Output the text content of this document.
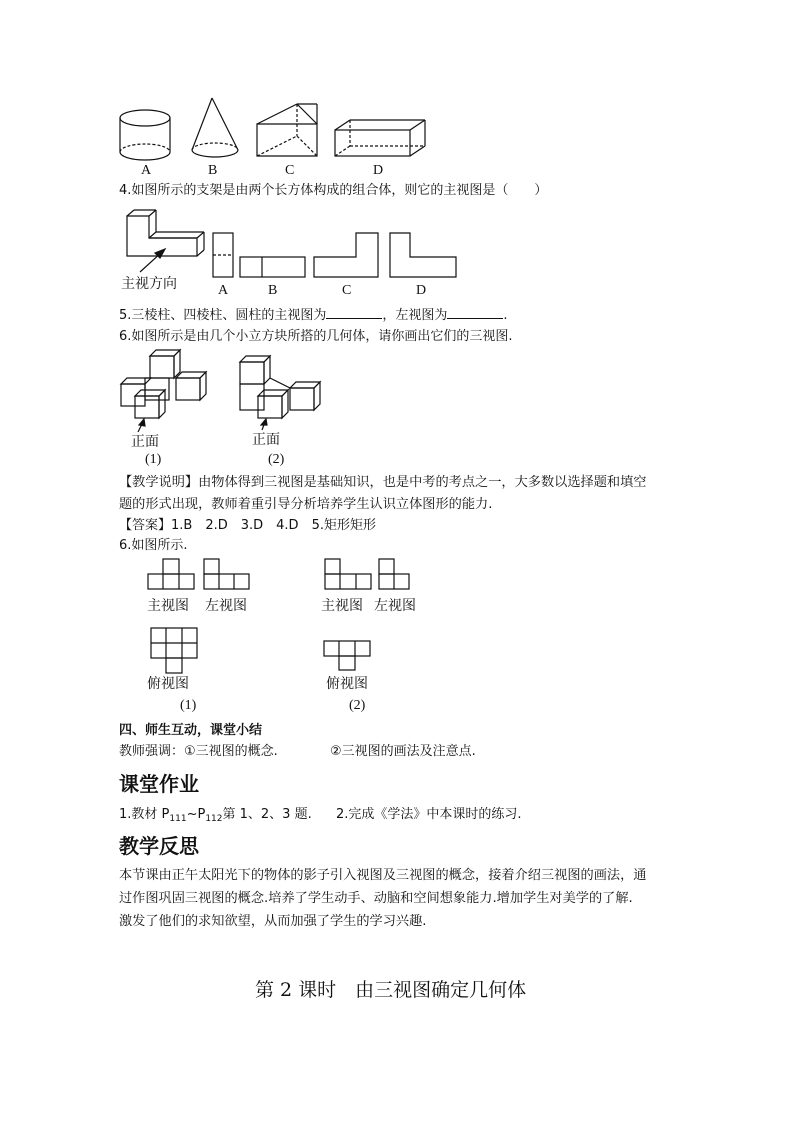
A	B	C	D
4.如图所示的支架是由两个长方体构成的组合体，则它的主视图是（　　）
主视方向	A	B	C	D
5.三棱柱、四棱柱、圆柱的主视图为	，左视图为	.
6.如图所示是由几个小立方块所搭的几何体，请你画出它们的三视图.
正面
(1)
正面
(2)
【教学说明】由物体得到三视图是基础知识，也是中考的考点之一，大多数以选择题和填空
题的形式出现，教师着重引导分析培养学生认识立体图形的能力.
【答案】1.B　2.D　3.D　4.D　5.矩形矩形
6.如图所示.
主视图 左视图
俯视图
(1)
主视图 左视图
俯视图
(2)
四、师生互动，课堂小结
教师强调：①三视图的概念.	②三视图的画法及注意点.
课堂作业
1.教材 $P_{111}\sim P_{112}$第 1、2、3 题. 2.完成《学法》中本课时的练习.
教学反思
本节课由正午太阳光下的物体的影子引入视图及三视图的概念，接着介绍三视图的画法，通
过作图巩固三视图的概念.培养了学生动手、动脑和空间想象能力.增加学生对美学的了解.
激发了他们的求知欲望，从而加强了学生的学习兴趣.
第 2 课时　由三视图确定几何体
